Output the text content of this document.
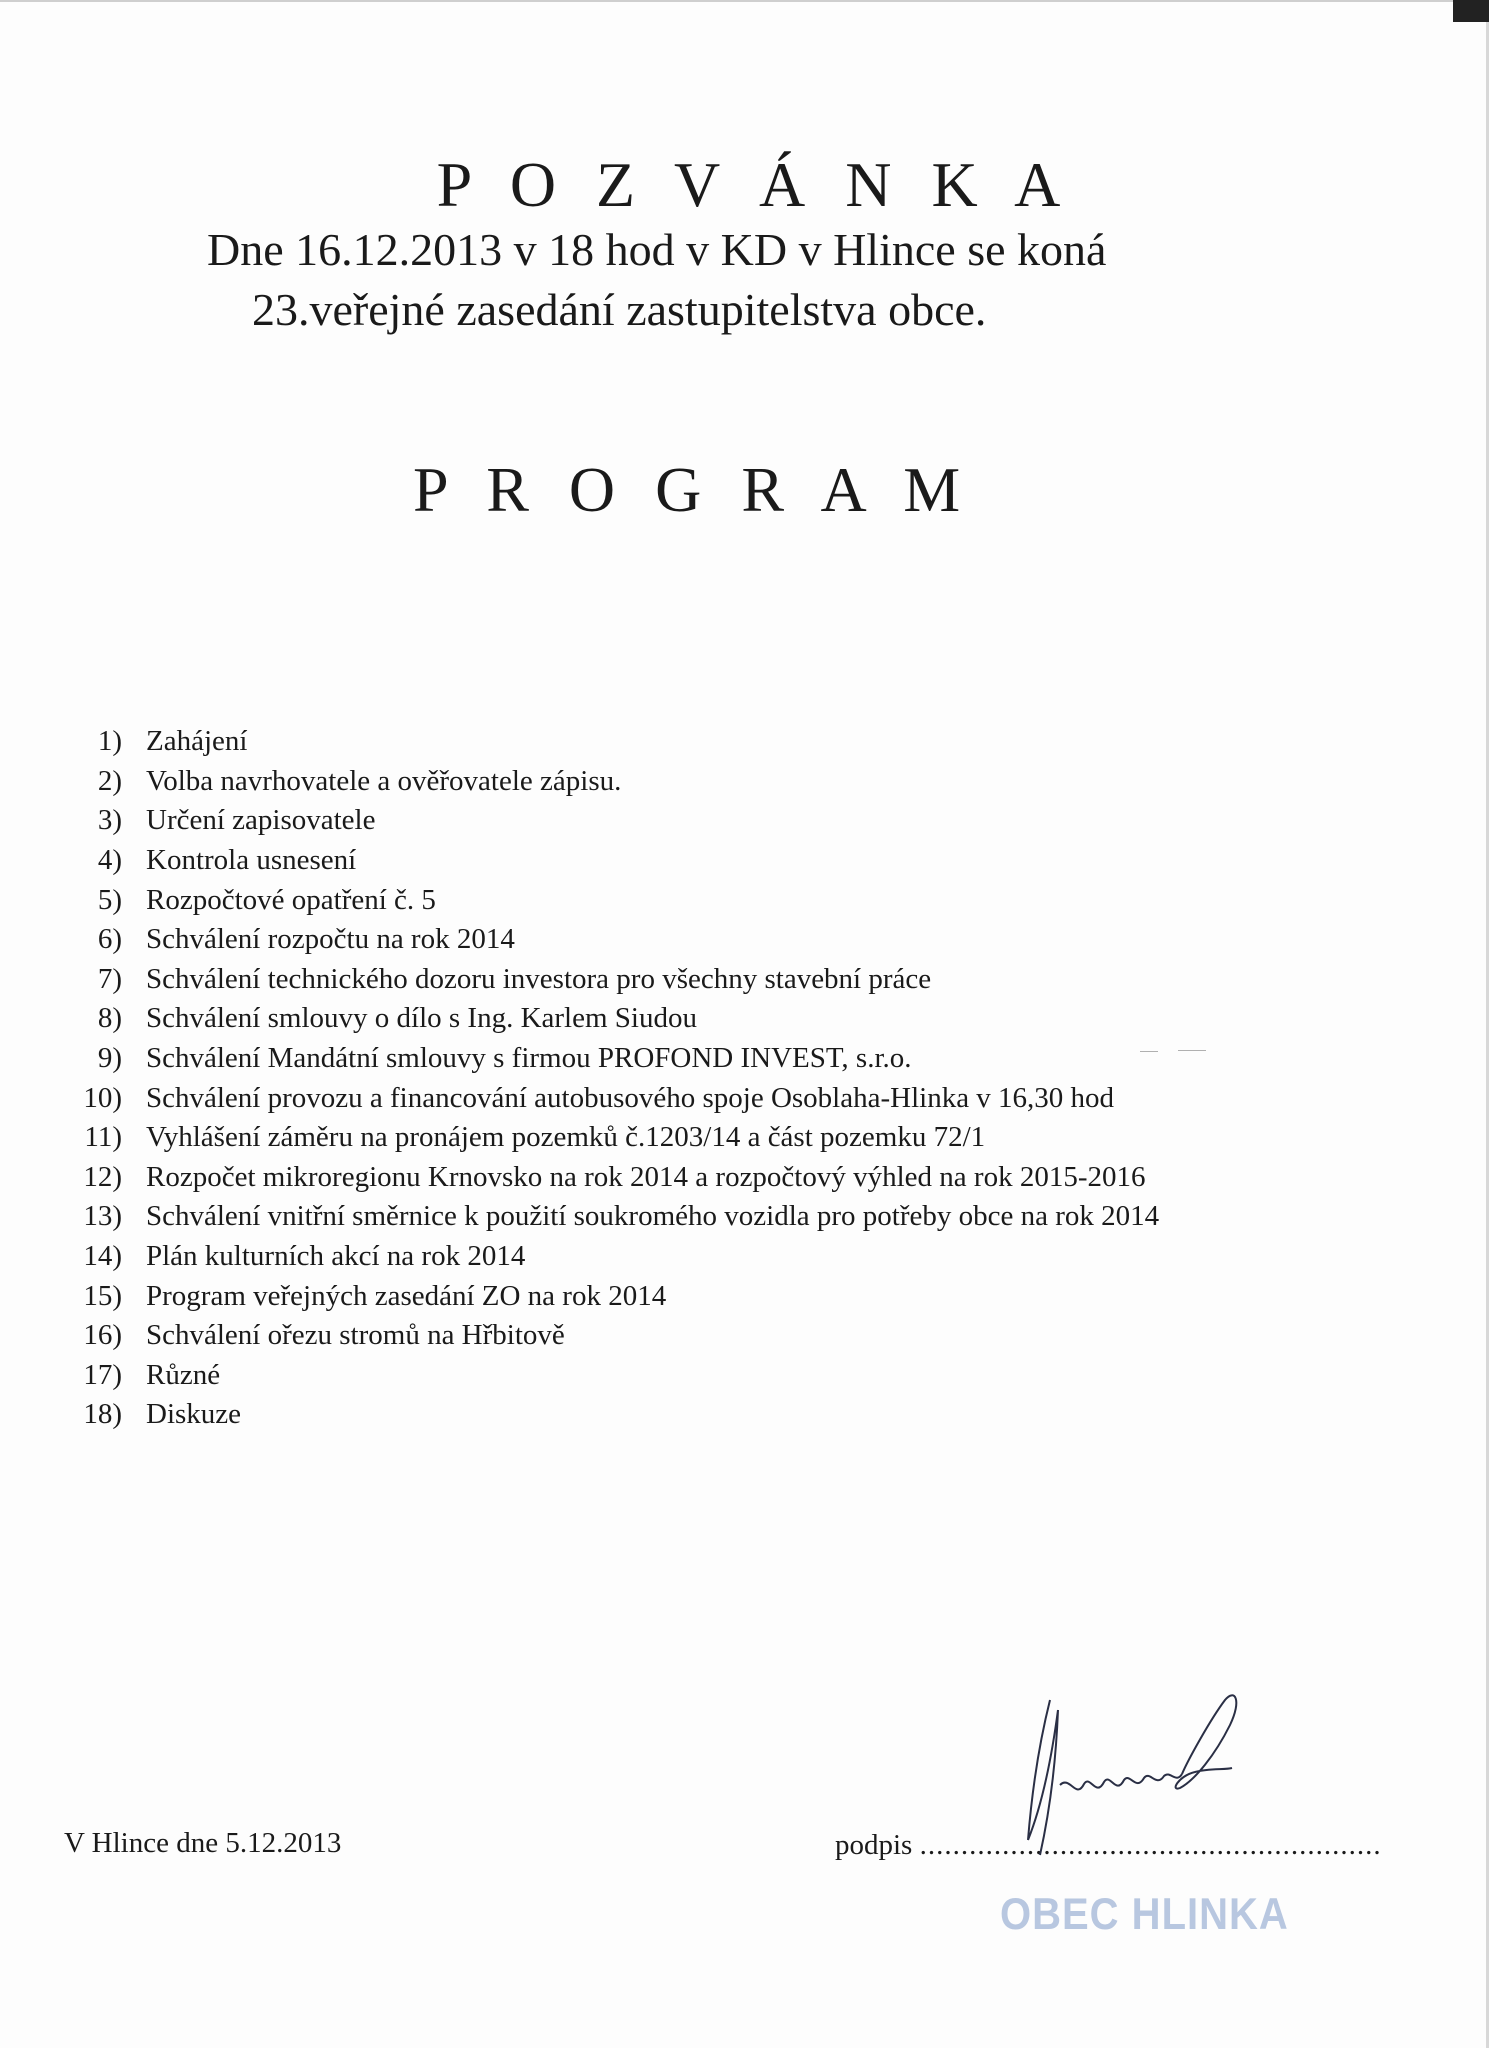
P O Z V Á N K A
Dne 16.12.2013 v 18 hod v KD v Hlince se koná
23.veřejné zasedání zastupitelstva obce.
P R O G R A M
1) Zahájení
2) Volba navrhovatele a ověřovatele zápisu.
3) Určení zapisovatele
4) Kontrola usnesení
5) Rozpočtové opatření č. 5
6) Schválení rozpočtu na rok 2014
7) Schválení technického dozoru investora pro všechny stavební práce
8) Schválení smlouvy o dílo s Ing. Karlem Siudou
9) Schválení Mandátní smlouvy s firmou PROFOND INVEST, s.r.o.
10) Schválení provozu a financování autobusového spoje Osoblaha-Hlinka v 16,30 hod
11) Vyhlášení záměru na pronájem pozemků č.1203/14 a část pozemku 72/1
12) Rozpočet mikroregionu Krnovsko na rok 2014 a rozpočtový výhled na rok 2015-2016
13) Schválení vnitřní směrnice k použití soukromého vozidla pro potřeby obce na rok 2014
14) Plán kulturních akcí na rok 2014
15) Program veřejných zasedání ZO na rok 2014
16) Schválení ořezu stromů na Hřbitově
17) Různé
18) Diskuze
V Hlince dne 5.12.2013	podpis ........................................................
OBEC HLINKA
